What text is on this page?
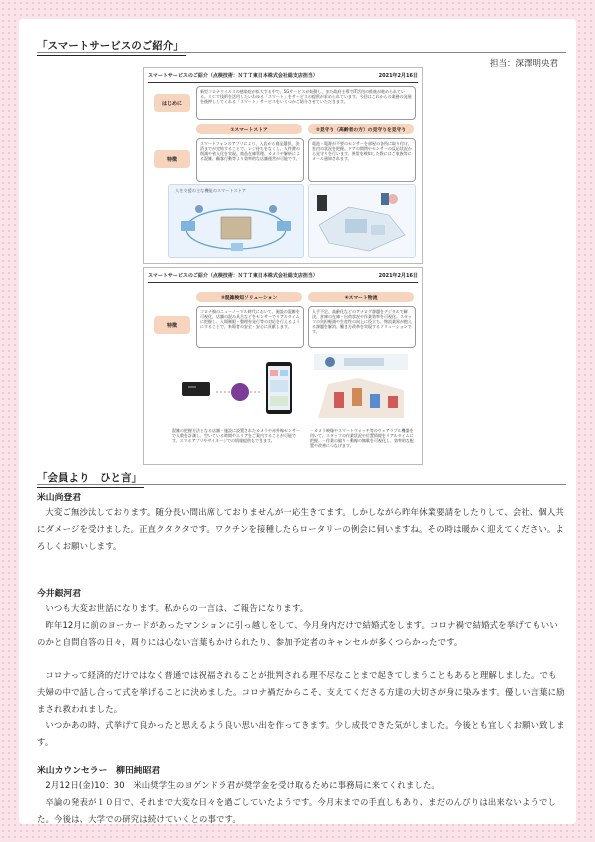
「スマートサービスのご紹介」
担当：深澤明央君
スマートサービスのご紹介（点検技術：ＮＴＴ東日本株式会社総支店担当）	2021年2月16日
はじめに
新型コロナウイルスの感染症が拡大する中で、5Gサービスが始動し、また政府主導でIT活用の推進が進められている。ＩＣＴ技術を活用したいわゆる「スマート」をサービスの提供が求められています。今回はこれからの業務の発展を後押ししてくれる「スマート」サービスをいくつかご紹介させていただきます。
①スマートストア	②見守り（高齢者の方）の見守りを見守り
特徴
スマートフォンのアプリにより、入店から商品選択、決済までが完結することで、レジ待ちをなくし、人件費の削減や省人化を実現。商品在庫管理、カメラや解析による混雑、顧客行動等より効率的な店舗運営が可能です。
電池・電源が不要のセンサーを部屋の各所に取り付け、室内の状況を把握。ドアの開閉やセンサーの反応状況から見守りを行います。異常を検知した際にはご家族等にメール通知されます。
人を支援の主な機能のスマートストア
スマートサービスのご紹介（点検技術：ＮＴＴ東日本株式会社総支店担当）	2021年2月16日
③混雑検知ソリューション	④スマート物流
特徴
コロナ禍のニューノーマル時代において、施設の混雑を可視化。店舗の混み具合などをセンサーでリアルタイムに把握し、入場制限・整理券発行等の対応を行えるようにすることで、来場者の安全・安心に貢献します。
人手不足、高齢化などのアナログ課題をデジタルで解決。倉庫の在庫・出荷状況や作業効率を可視化。スタッフの負担軽減や生産性の向上に役立ち、物流業界が抱える課題を解消。働き方改革を実現するソリューションです。
混雑の把握方法となる店舗・施設に設置されたカメラや赤外線センサーで人数を計測し、空いている時間やエリアをご案内することが可能です。スマホアプリやサイネージでの情報提供もできます。
・カメラ映像やスマートウォッチ等のウェアラブル機器を用いて、スタッフの作業状況や位置情報をリアルタイムに把握。・作業の偏り・動線の無駄を可視化し、効率的な配置や改善につなげます。
「会員より　ひと言」
米山尚登君
大変ご無沙汰しております。随分長い間出席しておりませんが一応生きてます。しかしながら昨年休業要請をしたりして、会社、個人共にダメージを受けました。正直クタクタです。ワクチンを接種したらロータリーの例会に伺いますね。その時は暖かく迎えてください。よろしくお願いします。
今井銀河君
いつも大変お世話になります。私からの一言は、ご報告になります。
昨年12月に前のヨーカードがあったマンションに引っ越しをして、今月身内だけで結婚式をします。コロナ禍で結婚式を挙げてもいいのかと自問自答の日々，周りには心ない言葉もかけられたり、参加予定者のキャンセルが多くつらかったです。
コロナって経済的だけではなく普通では祝福されることが批判される理不尽なことまで起きてしまうこともあると理解しました。でも夫婦の中で話し合って式を挙げることに決めました。コロナ禍だからこそ、支えてくださる方達の大切さが身に染みます。優しい言葉に励まされ救われました。
いつかあの時、式挙げて良かったと思えるよう良い思い出を作ってきます。少し成長できた気がしました。今後とも宜しくお願い致します。
米山カウンセラー　柳田純昭君
2月12日(金)10：30　米山奨学生のヨゲンドラ君が奨学金を受け取るために事務局に来てくれました。
卒論の発表が１０日で、それまで大変な日々を過ごしていたようです。今月末までの手直しもあり、まだのんびりは出来ないようでした。今後は、大学での研究は続けていくとの事です。
